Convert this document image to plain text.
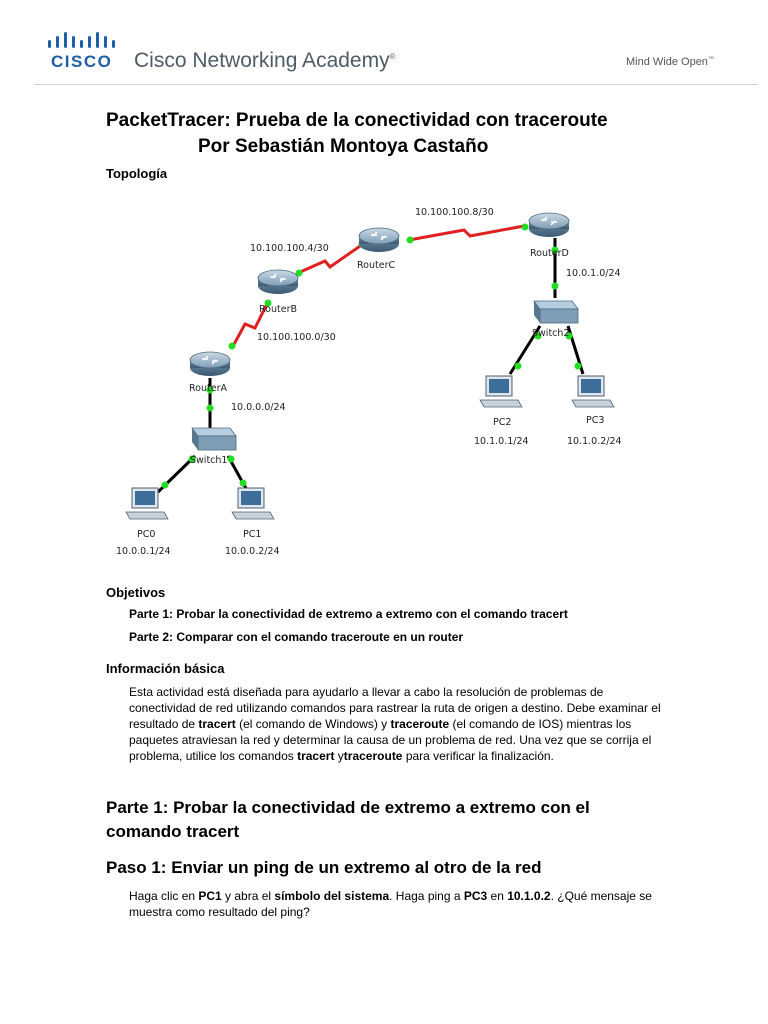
CISCO Cisco Networking Academy®	Mind Wide Open™
PacketTracer: Prueba de la conectividad con traceroute
Por Sebastián Montoya Castaño
Topología
RouterA
RouterB
RouterC
RouterD
Switch1
Switch2
PC0
10.0.0.1/24
PC1
10.0.0.2/24
PC2
10.1.0.1/24
PC3
10.1.0.2/24
10.100.100.0/30
10.100.100.4/30
10.100.100.8/30
10.0.0.0/24
10.0.1.0/24
Objetivos
Parte 1: Probar la conectividad de extremo a extremo con el comando tracert
Parte 2: Comparar con el comando traceroute en un router
Información básica
Esta actividad está diseñada para ayudarlo a llevar a cabo la resolución de problemas de conectividad de red utilizando comandos para rastrear la ruta de origen a destino. Debe examinar el resultado de tracert (el comando de Windows) y traceroute (el comando de IOS) mientras los paquetes atraviesan la red y determinar la causa de un problema de red. Una vez que se corrija el problema, utilice los comandos tracert ytraceroute para verificar la finalización.
Parte 1: Probar la conectividad de extremo a extremo con el comando tracert
Paso 1: Enviar un ping de un extremo al otro de la red
Haga clic en PC1 y abra el símbolo del sistema. Haga ping a PC3 en 10.1.0.2. ¿Qué mensaje se muestra como resultado del ping?
